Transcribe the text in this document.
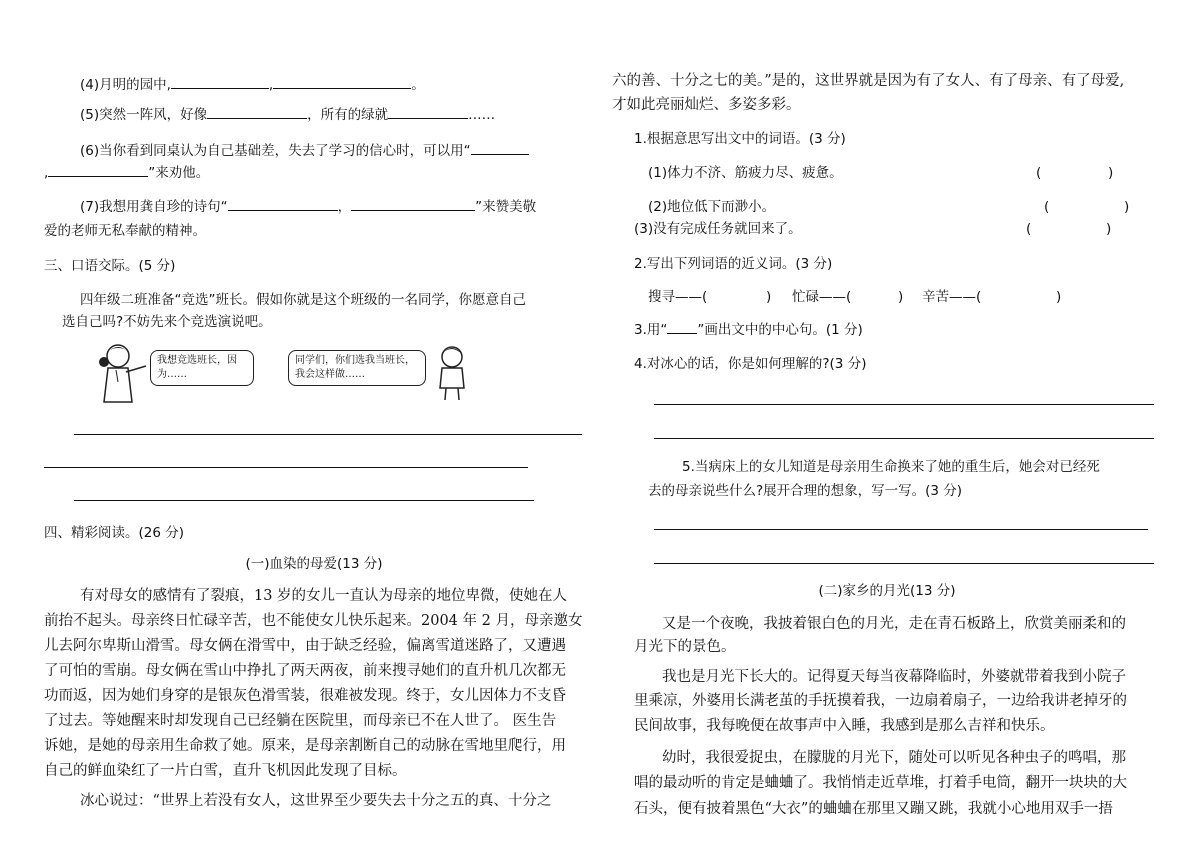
(4)月明的园中,	,	。
(5)突然一阵风，好像	，所有的绿就	……
(6)当你看到同桌认为自己基础差，失去了学习的信心时，可以用“
,	”来劝他。
(7)我想用龚自珍的诗句“	，	”来赞美敬
爱的老师无私奉献的精神。
三、口语交际。(5 分)
四年级二班准备“竞选”班长。假如你就是这个班级的一名同学，你愿意自己
选自己吗?不妨先来个竞选演说吧。
我想竞选班长，因
为……
同学们，你们选我当班长，
我会这样做……
四、精彩阅读。(26 分)
(一)血染的母爱(13 分)
有对母女的感情有了裂痕，13 岁的女儿一直认为母亲的地位卑微，使她在人
前抬不起头。母亲终日忙碌辛苦，也不能使女儿快乐起来。2004 年 2 月，母亲邀女
儿去阿尔卑斯山滑雪。母女俩在滑雪中，由于缺乏经验，偏离雪道迷路了，又遭遇
了可怕的雪崩。母女俩在雪山中挣扎了两天两夜，前来搜寻她们的直升机几次都无
功而返，因为她们身穿的是银灰色滑雪装，很难被发现。终于，女儿因体力不支昏
了过去。等她醒来时却发现自己已经躺在医院里，而母亲已不在人世了。 医生告
诉她，是她的母亲用生命救了她。原来，是母亲割断自己的动脉在雪地里爬行，用
自己的鲜血染红了一片白雪，直升飞机因此发现了目标。
冰心说过：“世界上若没有女人，这世界至少要失去十分之五的真、十分之
六的善、十分之七的美。”是的，这世界就是因为有了女人、有了母亲、有了母爱,
才如此亮丽灿烂、多姿多彩。
1.根据意思写出文中的词语。(3 分)
(1)体力不济、筋疲力尽、疲惫。	(	)
(2)地位低下而渺小。	(	)
(3)没有完成任务就回来了。	(	)
2.写出下列词语的近义词。(3 分)
搜寻——(	) 忙碌——(	) 辛苦——(	)
3.用“ ”画出文中的中心句。(1 分)
4.对冰心的话，你是如何理解的?(3 分)
5.当病床上的女儿知道是母亲用生命换来了她的重生后，她会对已经死
去的母亲说些什么?展开合理的想象，写一写。(3 分)
(二)家乡的月光(13 分)
又是一个夜晚，我披着银白色的月光，走在青石板路上，欣赏美丽柔和的
月光下的景色。
我也是月光下长大的。记得夏天每当夜幕降临时，外婆就带着我到小院子
里乘凉，外婆用长满老茧的手抚摸着我，一边扇着扇子，一边给我讲老掉牙的
民间故事，我每晚便在故事声中入睡，我感到是那么吉祥和快乐。
幼时，我很爱捉虫，在朦胧的月光下，随处可以听见各种虫子的鸣唱，那
唱的最动听的肯定是蛐蛐了。我悄悄走近草堆，打着手电筒，翻开一块块的大
石头，便有披着黑色“大衣”的蛐蛐在那里又蹦又跳，我就小心地用双手一捂
